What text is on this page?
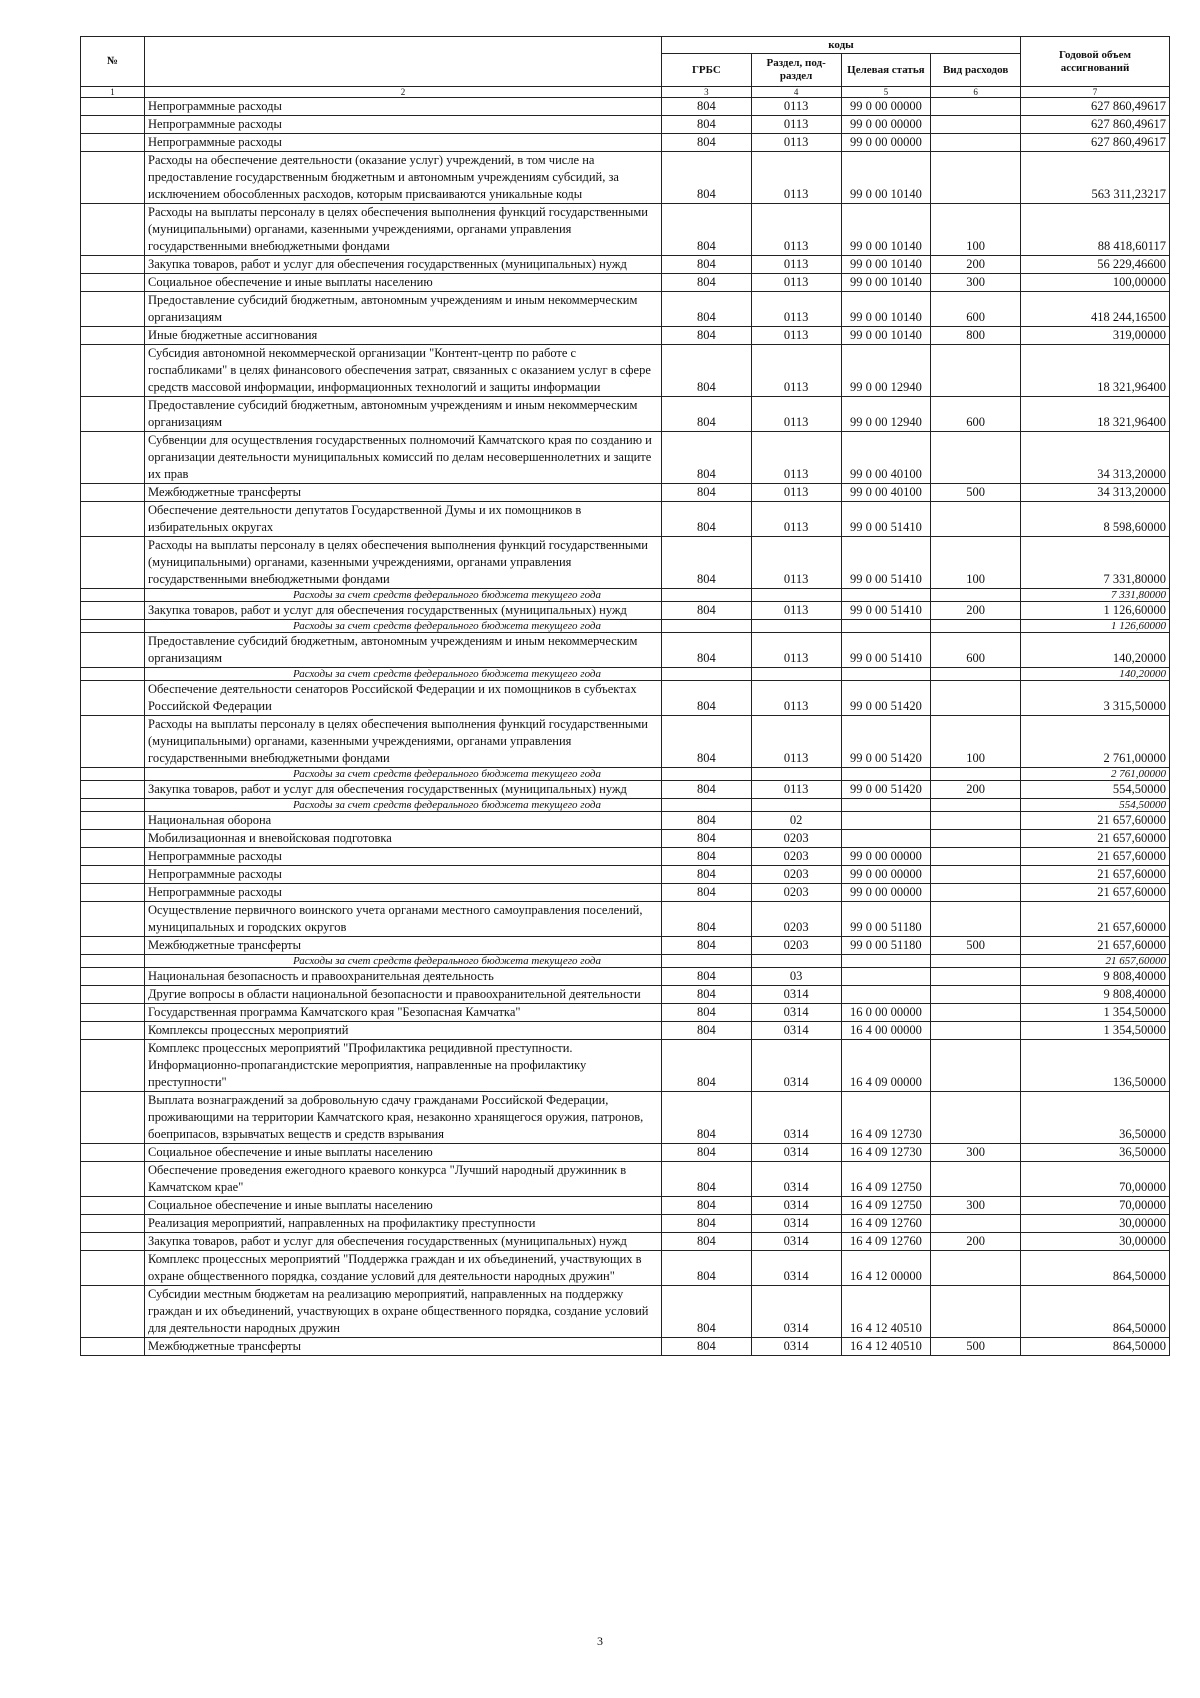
№		коды				Годовой объем ассигнований
		ГРБС	Раздел, под-раздел	Целевая статья	Вид расходов	
1	2	3	4	5	6	7
	Непрограммные расходы	804	0113	99 0 00 00000		627 860,49617
	Непрограммные расходы	804	0113	99 0 00 00000		627 860,49617
	Непрограммные расходы	804	0113	99 0 00 00000		627 860,49617
	Расходы на обеспечение деятельности (оказание услуг) учреждений, в том числе на предоставление государственным бюджетным и автономным учреждениям субсидий, за исключением обособленных расходов, которым присваиваются уникальные коды	804	0113	99 0 00 10140		563 311,23217
	Расходы на выплаты персоналу в целях обеспечения выполнения функций государственными (муниципальными) органами, казенными учреждениями, органами управления государственными внебюджетными фондами	804	0113	99 0 00 10140	100	88 418,60117
	Закупка товаров, работ и услуг для обеспечения государственных (муниципальных) нужд	804	0113	99 0 00 10140	200	56 229,46600
	Социальное обеспечение и иные выплаты населению	804	0113	99 0 00 10140	300	100,00000
	Предоставление субсидий бюджетным, автономным учреждениям и иным некоммерческим организациям	804	0113	99 0 00 10140	600	418 244,16500
	Иные бюджетные ассигнования	804	0113	99 0 00 10140	800	319,00000
	Субсидия автономной некоммерческой организации "Контент-центр по работе с госпабликами" в целях финансового обеспечения затрат, связанных с оказанием услуг в сфере средств массовой информации, информационных технологий и защиты информации	804	0113	99 0 00 12940		18 321,96400
	Предоставление субсидий бюджетным, автономным учреждениям и иным некоммерческим организациям	804	0113	99 0 00 12940	600	18 321,96400
	Субвенции для осуществления государственных полномочий Камчатского края по созданию и организации деятельности муниципальных комиссий по делам несовершеннолетних и защите их прав	804	0113	99 0 00 40100		34 313,20000
	Межбюджетные трансферты	804	0113	99 0 00 40100	500	34 313,20000
	Обеспечение деятельности депутатов Государственной Думы и их помощников в избирательных округах	804	0113	99 0 00 51410		8 598,60000
	Расходы на выплаты персоналу в целях обеспечения выполнения функций государственными (муниципальными) органами, казенными учреждениями, органами управления государственными внебюджетными фондами	804	0113	99 0 00 51410	100	7 331,80000
	Расходы за счет средств федерального бюджета текущего года					7 331,80000
	Закупка товаров, работ и услуг для обеспечения государственных (муниципальных) нужд	804	0113	99 0 00 51410	200	1 126,60000
	Расходы за счет средств федерального бюджета текущего года					1 126,60000
	Предоставление субсидий бюджетным, автономным учреждениям и иным некоммерческим организациям	804	0113	99 0 00 51410	600	140,20000
	Расходы за счет средств федерального бюджета текущего года					140,20000
	Обеспечение деятельности сенаторов Российской Федерации и их помощников в субъектах Российской Федерации	804	0113	99 0 00 51420		3 315,50000
	Расходы на выплаты персоналу в целях обеспечения выполнения функций государственными (муниципальными) органами, казенными учреждениями, органами управления государственными внебюджетными фондами	804	0113	99 0 00 51420	100	2 761,00000
	Расходы за счет средств федерального бюджета текущего года					2 761,00000
	Закупка товаров, работ и услуг для обеспечения государственных (муниципальных) нужд	804	0113	99 0 00 51420	200	554,50000
	Расходы за счет средств федерального бюджета текущего года					554,50000
	Национальная оборона	804	02			21 657,60000
	Мобилизационная и вневойсковая подготовка	804	0203			21 657,60000
	Непрограммные расходы	804	0203	99 0 00 00000		21 657,60000
	Непрограммные расходы	804	0203	99 0 00 00000		21 657,60000
	Непрограммные расходы	804	0203	99 0 00 00000		21 657,60000
	Осуществление первичного воинского учета органами местного самоуправления поселений, муниципальных и городских округов	804	0203	99 0 00 51180		21 657,60000
	Межбюджетные трансферты	804	0203	99 0 00 51180	500	21 657,60000
	Расходы за счет средств федерального бюджета текущего года					21 657,60000
	Национальная безопасность и правоохранительная деятельность	804	03			9 808,40000
	Другие вопросы в области национальной безопасности и правоохранительной деятельности	804	0314			9 808,40000
	Государственная программа Камчатского края "Безопасная Камчатка"	804	0314	16 0 00 00000		1 354,50000
	Комплексы процессных мероприятий	804	0314	16 4 00 00000		1 354,50000
	Комплекс процессных мероприятий "Профилактика рецидивной преступности. Информационно-пропагандистские мероприятия, направленные на профилактику преступности"	804	0314	16 4 09 00000		136,50000
	Выплата вознаграждений за добровольную сдачу гражданами Российской Федерации, проживающими на территории Камчатского края, незаконно хранящегося оружия, патронов, боеприпасов, взрывчатых веществ и средств взрывания	804	0314	16 4 09 12730		36,50000
	Социальное обеспечение и иные выплаты населению	804	0314	16 4 09 12730	300	36,50000
	Обеспечение проведения ежегодного краевого конкурса "Лучший народный дружинник в Камчатском крае"	804	0314	16 4 09 12750		70,00000
	Социальное обеспечение и иные выплаты населению	804	0314	16 4 09 12750	300	70,00000
	Реализация мероприятий, направленных на профилактику преступности	804	0314	16 4 09 12760		30,00000
	Закупка товаров, работ и услуг для обеспечения государственных (муниципальных) нужд	804	0314	16 4 09 12760	200	30,00000
	Комплекс процессных мероприятий "Поддержка граждан и их объединений, участвующих в охране общественного порядка, создание условий для деятельности народных дружин"	804	0314	16 4 12 00000		864,50000
	Субсидии местным бюджетам на реализацию мероприятий, направленных на поддержку граждан и их объединений, участвующих в охране общественного порядка, создание условий для деятельности народных дружин	804	0314	16 4 12 40510		864,50000
	Межбюджетные трансферты	804	0314	16 4 12 40510	500	864,50000
3
